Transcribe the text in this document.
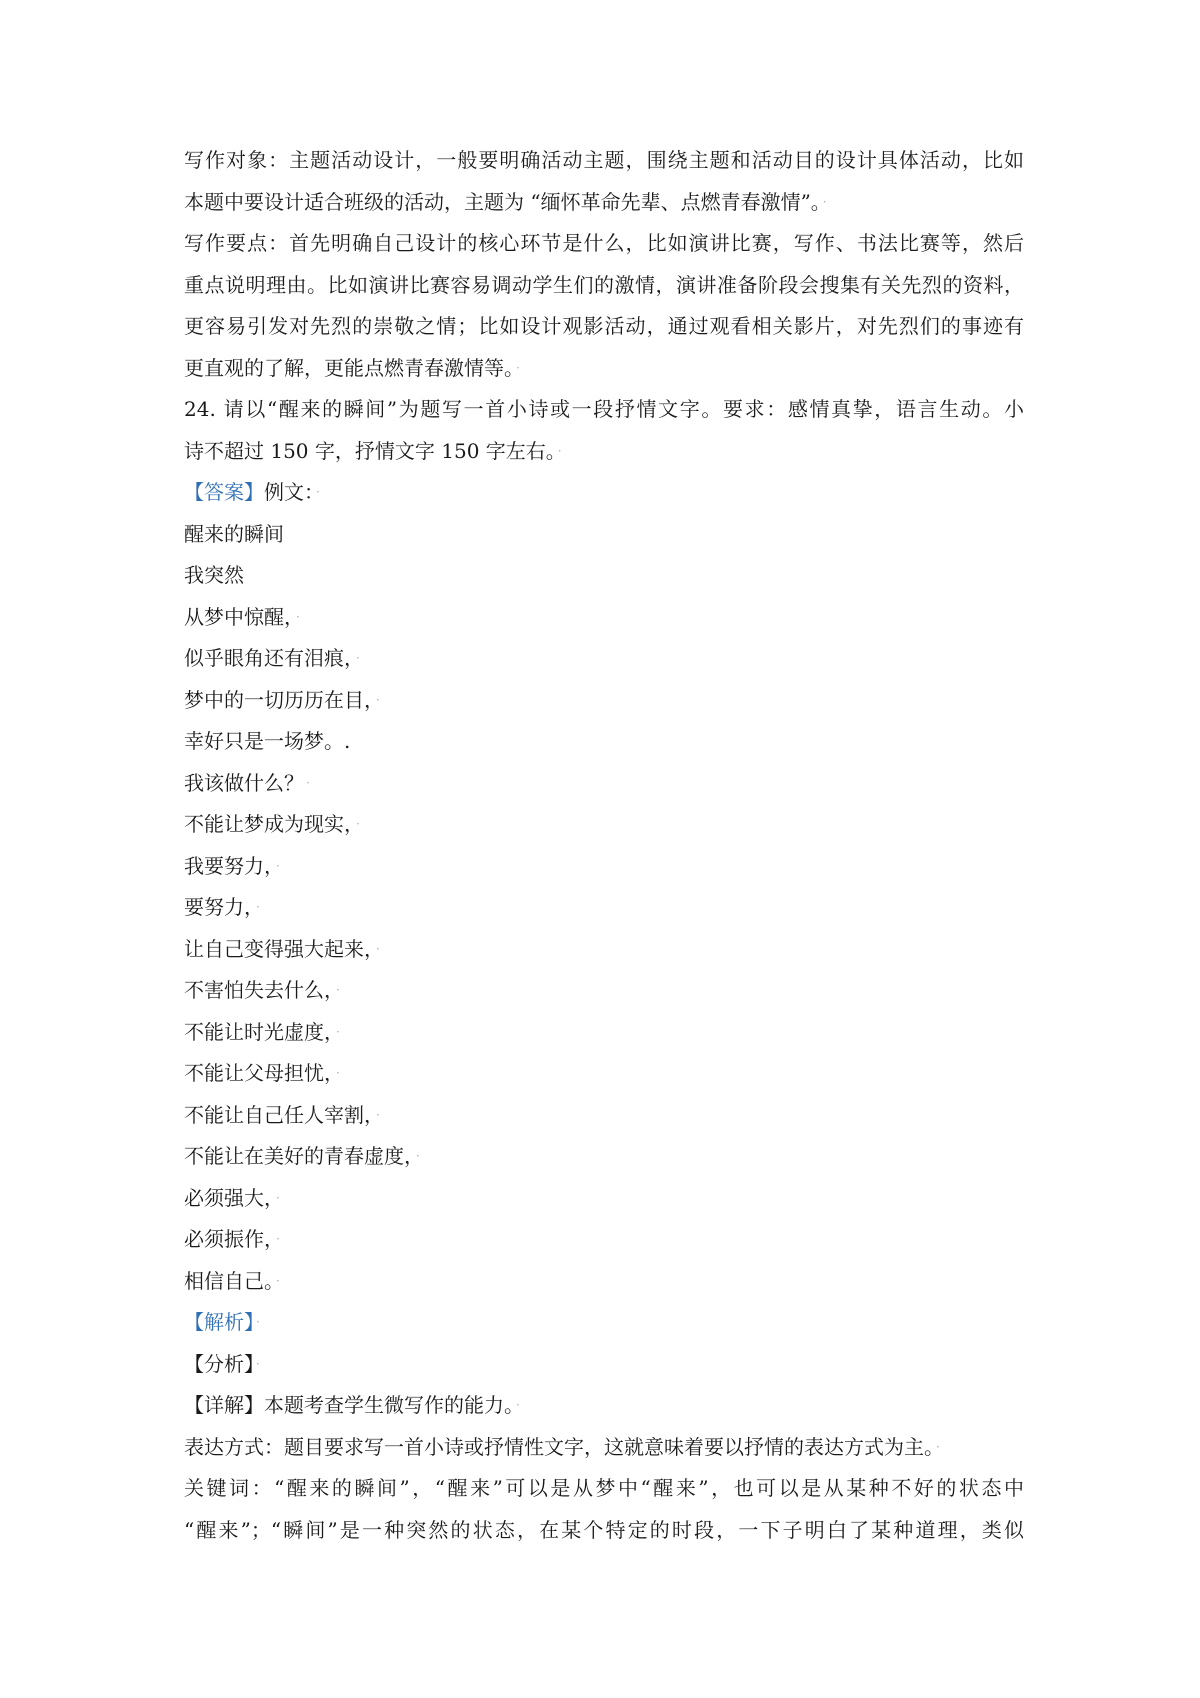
写作对象：主题活动设计，一般要明确活动主题，围绕主题和活动目的设计具体活动，比如
本题中要设计适合班级的活动，主题为 “缅怀革命先辈、点燃青春激情”。 ·
写作要点：首先明确自己设计的核心环节是什么，比如演讲比赛，写作、书法比赛等，然后
重点说明理由。比如演讲比赛容易调动学生们的激情，演讲准备阶段会搜集有关先烈的资料，
更容易引发对先烈的崇敬之情；比如设计观影活动，通过观看相关影片，对先烈们的事迹有
更直观的了解，更能点燃青春激情等。 ·
24. 请以“醒来的瞬间”为题写一首小诗或一段抒情文字。要求：感情真挚，语言生动。小
诗不超过 150 字，抒情文字 150 字左右。 ·
【答案】例文： ·
醒来的瞬间
我突然
从梦中惊醒， ·
似乎眼角还有泪痕， ·
梦中的一切历历在目， ·
幸好只是一场梦。.
我该做什么？ ·
不能让梦成为现实， ·
我要努力， ·
要努力， ·
让自己变得强大起来， ·
不害怕失去什么， ·
不能让时光虚度， ·
不能让父母担忧， ·
不能让自己任人宰割， ·
不能让在美好的青春虚度， ·
必须强大， ·
必须振作， ·
相信自己。 ·
【解析】 ·
【分析】 ·
【详解】本题考查学生微写作的能力。 ·
表达方式：题目要求写一首小诗或抒情性文字，这就意味着要以抒情的表达方式为主。 ·
关键词：“醒来的瞬间”，“醒来”可以是从梦中“醒来”，也可以是从某种不好的状态中
“醒来”；“瞬间”是一种突然的状态，在某个特定的时段，一下子明白了某种道理，类似
